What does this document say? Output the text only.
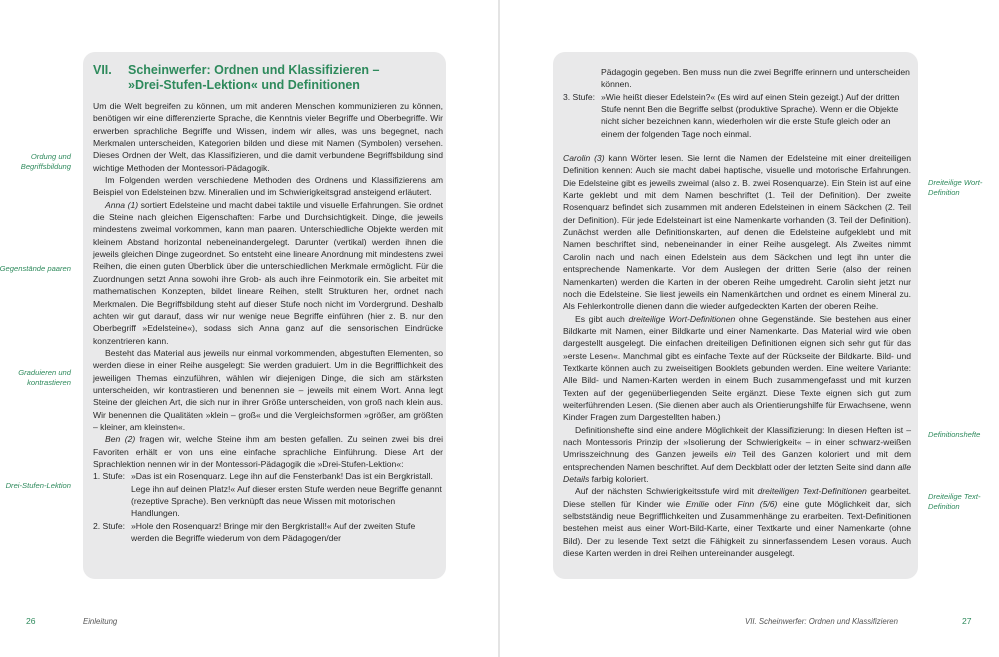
VII. Scheinwerfer: Ordnen und Klassifizieren –
»Drei-Stufen-Lektion« und Definitionen
Ordung und Begriffsbildung
Gegenstände paaren
Graduieren und kontrastieren
Drei-Stufen-Lektion

Um die Welt begreifen zu können, um mit anderen Menschen kommunizieren zu können, benötigen wir eine differenzierte Sprache, die Kenntnis vieler Begriffe und Oberbegriffe. Wir erwerben sprachliche Begriffe und Wissen, indem wir alles, was uns begegnet, nach Merkmalen unterscheiden, Kategorien bilden und diese mit Namen (Symbolen) versehen. Dieses Ordnen der Welt, das Klassifizieren, und die damit verbundene Begriffsbildung sind wichtige Methoden der Montessori-Pädagogik.

Im Folgenden werden verschiedene Methoden des Ordnens und Klassifizierens am Beispiel von Edelsteinen bzw. Mineralien und im Schwierigkeitsgrad ansteigend erläutert.

Anna (1) sortiert Edelsteine und macht dabei taktile und visuelle Erfahrungen. Sie ordnet die Steine nach gleichen Eigenschaften: Farbe und Durchsichtigkeit. Dinge, die jeweils mindestens zweimal vorkommen, kann man paaren. Unterschiedliche Objekte werden mit kleinem Abstand horizontal nebeneinandergelegt. Darunter (vertikal) werden ihnen die jeweils gleichen Dinge zugeordnet. So entsteht eine lineare Anordnung mit mindestens zwei Reihen, die einen guten Überblick über die unterschiedlichen Merkmale ermöglicht. Für die Zuordnungen setzt Anna sowohi ihre Grob- als auch ihre Feinmotorik ein. Sie arbeitet mit mathematischen Konzepten, bildet lineare Reihen, stellt Strukturen her, ordnet nach Merkmalen. Die Begriffsbildung steht auf dieser Stufe noch nicht im Vordergrund. Deshalb achten wir gut darauf, dass wir nur wenige neue Begriffe einführen (hier z. B. nur den Oberbegriff »Edelsteine«), sodass sich Anna ganz auf die sensorischen Eindrücke konzentrieren kann.

Besteht das Material aus jeweils nur einmal vorkommenden, abgestuften Elementen, so werden diese in einer Reihe ausgelegt: Sie werden graduiert. Um in die Begrifflichkeit des jeweiligen Themas einzuführen, wählen wir diejenigen Dinge, die sich am stärksten unterscheiden, wir kontrastieren und benennen sie – jeweils mit einem Wort. Anna legt Steine der gleichen Art, die sich nur in ihrer Größe unterscheiden, von groß nach klein aus. Wir benennen die Qualitäten »klein – groß« und die Vergleichsformen »größer, am größten – kleiner, am kleinsten«.

Ben (2) fragen wir, welche Steine ihm am besten gefallen. Zu seinen zwei bis drei Favoriten erhält er von uns eine einfache sprachliche Einführung. Diese Art der Sprachlektion nennen wir in der Montessori-Pädagogik die »Drei-Stufen-Lektion«:

1. Stufe: »Das ist ein Rosenquarz. Lege ihn auf die Fensterbank! Das ist ein Bergkristall. Lege ihn auf deinen Platz!« Auf dieser ersten Stufe werden neue Begriffe genannt (rezeptive Sprache). Ben verknüpft das neue Wissen mit motorischen Handlungen.
2. Stufe: »Hole den Rosenquarz! Bringe mir den Bergkristall!« Auf der zweiten Stufe werden die Begriffe wiederum von dem Pädagogen/der
26	Einleitung
Dreiteilige Wort-Definition
Definitionshefte
Dreiteilige Text-Definition
Pädagogin gegeben. Ben muss nun die zwei Begriffe erinnern und unterscheiden können.
3. Stufe: »Wie heißt dieser Edelstein?« (Es wird auf einen Stein gezeigt.) Auf der dritten Stufe nennt Ben die Begriffe selbst (produktive Sprache). Wenn er die Objekte nicht sicher bezeichnen kann, wiederholen wir die erste Stufe gleich oder an einem der folgenden Tage noch einmal.

Carolin (3) kann Wörter lesen. Sie lernt die Namen der Edelsteine mit einer dreiteiligen Definition kennen: Auch sie macht dabei haptische, visuelle und motorische Erfahrungen. Die Edelsteine gibt es jeweils zweimal (also z. B. zwei Rosenquarze). Ein Stein ist auf eine Karte geklebt und mit dem Namen beschriftet (1. Teil der Definition). Der zweite Rosenquarz befindet sich zusammen mit anderen Edelsteinen in einem Säckchen (2. Teil der Definition). Für jede Edelsteinart ist eine Namenkarte vorhanden (3. Teil der Definition). Zunächst werden alle Definitionskarten, auf denen die Edelsteine aufgeklebt und mit Namen beschriftet sind, nebeneinander in einer Reihe ausgelegt. Als Zweites nimmt Carolin nach und nach einen Edelstein aus dem Säckchen und legt ihn unter die entsprechende Namenkarte. Vor dem Auslegen der dritten Serie (also der reinen Namenkarten) werden die Karten in der oberen Reihe umgedreht. Carolin sieht jetzt nur noch die Edelsteine. Sie liest jeweils ein Namenkärtchen und ordnet es einem Mineral zu. Als Fehlerkontrolle dienen dann die wieder aufgedeckten Karten der oberen Reihe.

Es gibt auch dreiteilige Wort-Definitionen ohne Gegenstände. Sie bestehen aus einer Bildkarte mit Namen, einer Bildkarte und einer Namenkarte. Das Material wird wie oben dargestellt ausgelegt. Die einfachen dreiteiligen Definitionen eignen sich sehr gut für das »erste Lesen«. Manchmal gibt es einfache Texte auf der Rückseite der Bildkarte. Bild- und Textkarte können auch zu zweiseitigen Booklets gebunden werden. Eine weitere Variante: Alle Bild- und Namen-Karten werden in einem Buch zusammengefasst und mit kurzen Texten auf der gegenüberliegenden Seite ergänzt. Diese Texte eignen sich gut zum weiterführenden Lesen. (Sie dienen aber auch als Orientierungshilfe für Erwachsene, wenn Kinder Fragen zum Dargestellten haben.)

Definitionshefte sind eine andere Möglichkeit der Klassifizierung: In diesen Heften ist – nach Montessoris Prinzip der »Isolierung der Schwierigkeit« – in einer schwarz-weißen Umrisszeichnung des Ganzen jeweils ein Teil des Ganzen koloriert und mit dem entsprechenden Namen beschriftet. Auf dem Deckblatt oder der letzten Seite sind dann alle Details farbig koloriert.

Auf der nächsten Schwierigkeitsstufe wird mit dreiteiligen Text-Definitionen gearbeitet. Diese stellen für Kinder wie Emilie oder Finn (5/6) eine gute Möglichkeit dar, sich selbstständig neue Begrifflichkeiten und Zusammenhänge zu erarbeiten. Text-Definitionen bestehen meist aus einer Wort-Bild-Karte, einer Textkarte und einer Namenkarte (ohne Bild). Der zu lesende Text setzt die Fähigkeit zu sinnerfassendem Lesen voraus. Auch diese Karten werden in drei Reihen untereinander ausgelegt.

VII. Scheinwerfer: Ordnen und Klassifizieren	27
